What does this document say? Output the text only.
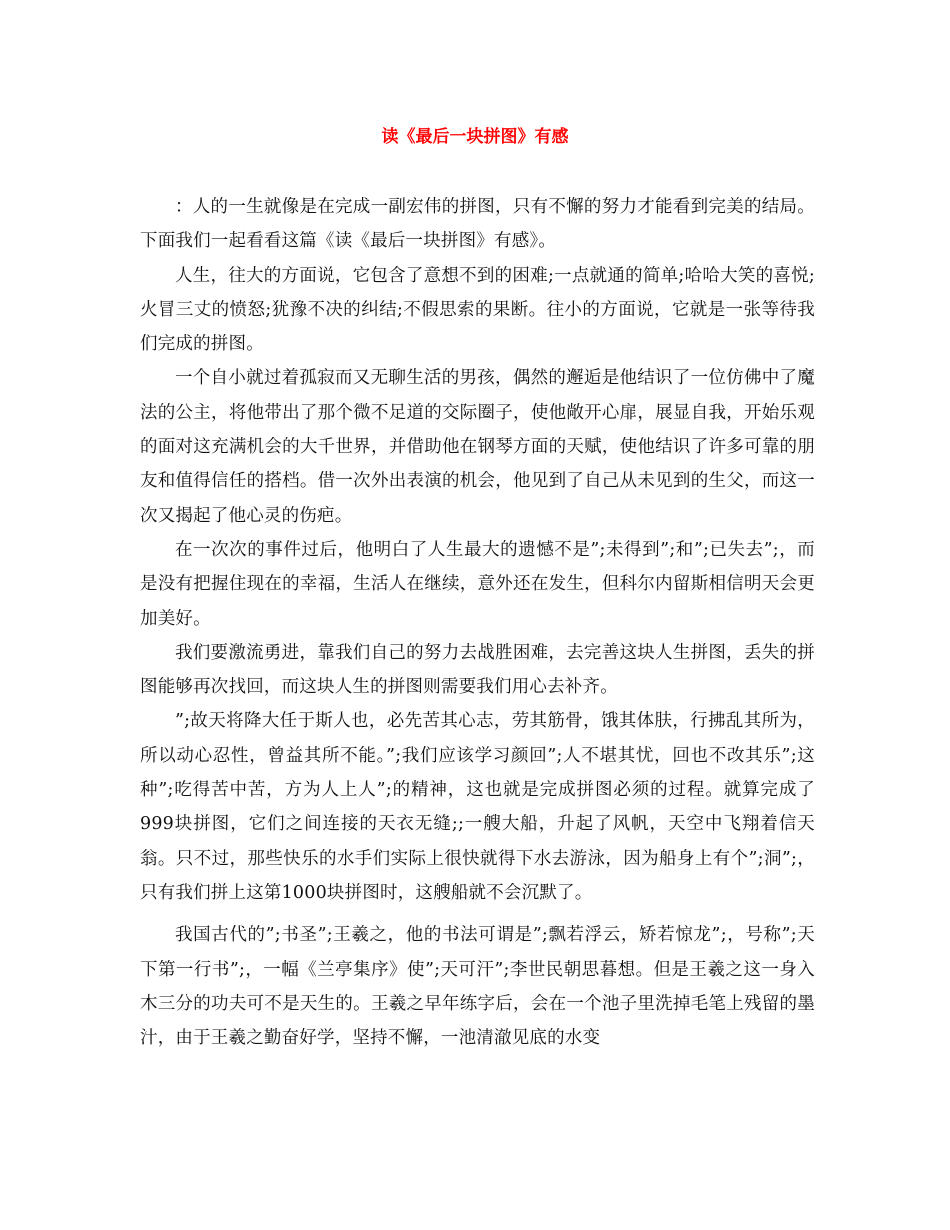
读《最后一块拼图》有感

：人的一生就像是在完成一副宏伟的拼图，只有不懈的努力才能看到完美的结局。下面我们一起看看这篇《读《最后一块拼图》有感》。

人生，往大的方面说，它包含了意想不到的困难;一点就通的简单;哈哈大笑的喜悦;火冒三丈的愤怒;犹豫不决的纠结;不假思索的果断。往小的方面说，它就是一张等待我们完成的拼图。

一个自小就过着孤寂而又无聊生活的男孩，偶然的邂逅是他结识了一位仿佛中了魔法的公主，将他带出了那个微不足道的交际圈子，使他敞开心扉，展显自我，开始乐观的面对这充满机会的大千世界，并借助他在钢琴方面的天赋，使他结识了许多可靠的朋友和值得信任的搭档。借一次外出表演的机会，他见到了自己从未见到的生父，而这一次又揭起了他心灵的伤疤。

在一次次的事件过后，他明白了人生最大的遗憾不是”;未得到”;和”;已失去”;，而是没有把握住现在的幸福，生活人在继续，意外还在发生，但科尔内留斯相信明天会更加美好。

我们要激流勇进，靠我们自己的努力去战胜困难，去完善这块人生拼图，丢失的拼图能够再次找回，而这块人生的拼图则需要我们用心去补齐。

”;故天将降大任于斯人也，必先苦其心志，劳其筋骨，饿其体肤，行拂乱其所为，所以动心忍性，曾益其所不能。”;我们应该学习颜回”;人不堪其忧，回也不改其乐”;这种”;吃得苦中苦，方为人上人”;的精神，这也就是完成拼图必须的过程。就算完成了999块拼图，它们之间连接的天衣无缝;;一艘大船，升起了风帆，天空中飞翔着信天翁。只不过，那些快乐的水手们实际上很快就得下水去游泳，因为船身上有个”;洞”;，只有我们拼上这第1000块拼图时，这艘船就不会沉默了。

我国古代的”;书圣”;王羲之，他的书法可谓是”;飘若浮云，矫若惊龙”;，号称”;天下第一行书”;，一幅《兰亭集序》使”;天可汗”;李世民朝思暮想。但是王羲之这一身入木三分的功夫可不是天生的。王羲之早年练字后，会在一个池子里洗掉毛笔上残留的墨汁，由于王羲之勤奋好学，坚持不懈，一池清澈见底的水变
